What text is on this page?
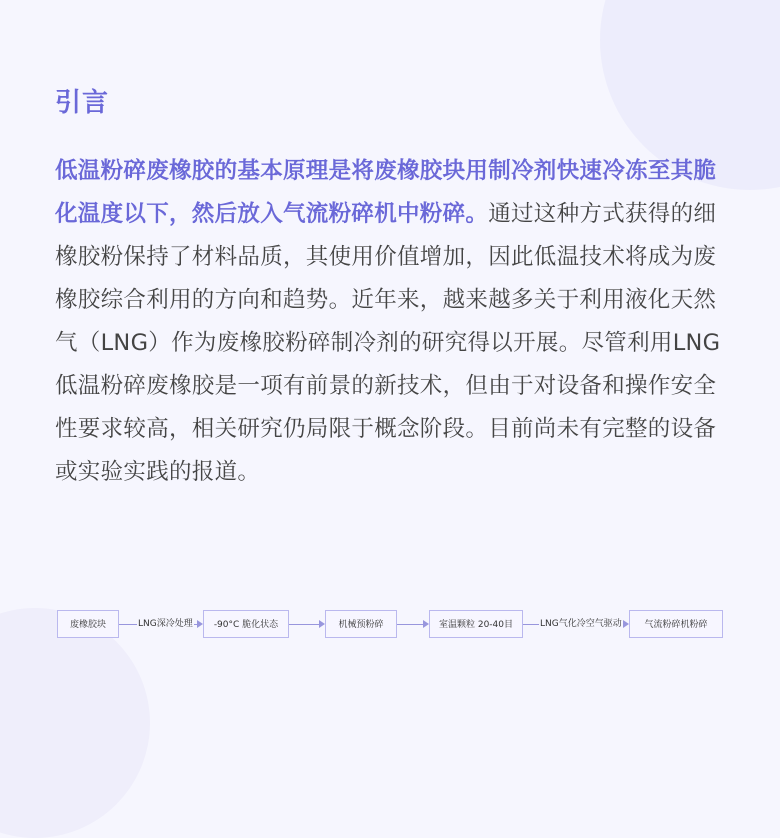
引言

低温粉碎废橡胶的基本原理是将废橡胶块用制冷剂快速冷冻至其脆化温度以下，然后放入气流粉碎机中粉碎。通过这种方式获得的细橡胶粉保持了材料品质，其使用价值增加，因此低温技术将成为废橡胶综合利用的方向和趋势。近年来，越来越多关于利用液化天然气（LNG）作为废橡胶粉碎制冷剂的研究得以开展。尽管利用LNG低温粉碎废橡胶是一项有前景的新技术，但由于对设备和操作安全性要求较高，相关研究仍局限于概念阶段。目前尚未有完整的设备或实验实践的报道。

废橡胶块	LNG深冷处理	-90°C 脆化状态	机械预粉碎	室温颗粒 20-40目	LNG气化冷空气驱动	气流粉碎机粉碎
